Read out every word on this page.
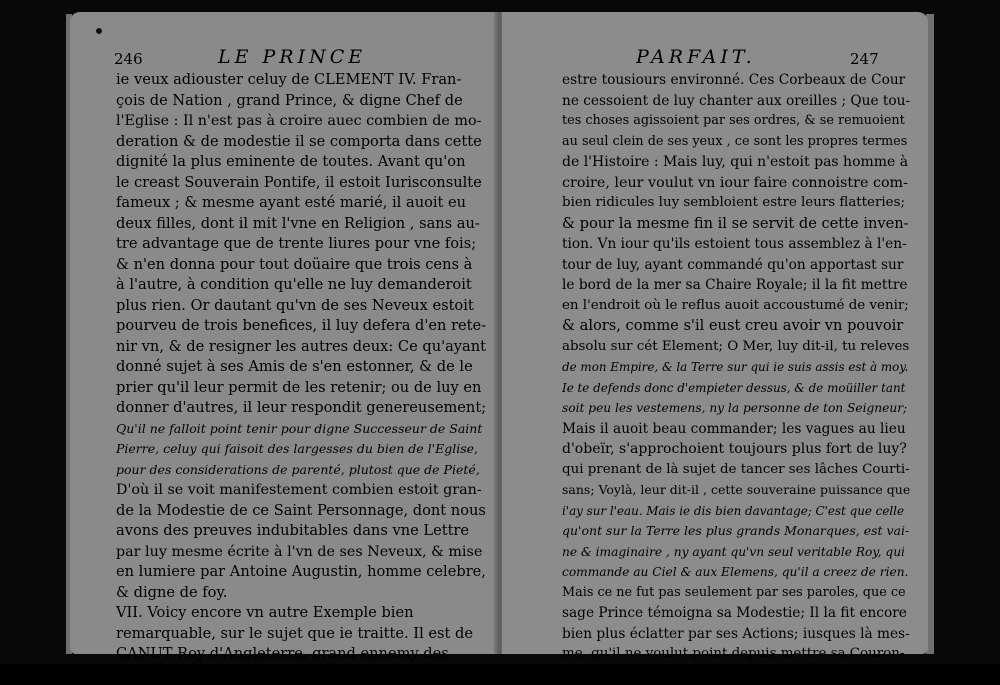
246	LE PRINCE
ie veux adiouster celuy de CLEMENT IV. Fran-
çois de Nation , grand Prince, & digne Chef de
l'Eglise : Il n'est pas à croire auec combien de mo-
deration & de modestie il se comporta dans cette
dignité la plus eminente de toutes. Avant qu'on
le creast Souverain Pontife, il estoit Iurisconsulte
fameux ; & mesme ayant esté marié, il auoit eu
deux filles, dont il mit l'vne en Religion , sans au-
tre advantage que de trente liures pour vne fois;
& n'en donna pour tout doüaire que trois cens à
à l'autre, à condition qu'elle ne luy demanderoit
plus rien. Or dautant qu'vn de ses Neveux estoit
pourveu de trois benefices, il luy defera d'en rete-
nir vn, & de resigner les autres deux: Ce qu'ayant
donné sujet à ses Amis de s'en estonner, & de le
prier qu'il leur permit de les retenir; ou de luy en
donner d'autres, il leur respondit genereusement;
Qu'il ne falloit point tenir pour digne Successeur de Saint
Pierre, celuy qui faisoit des largesses du bien de l'Eglise,
pour des considerations de parenté, plutost que de Pieté,
D'où il se voit manifestement combien estoit gran-
de la Modestie de ce Saint Personnage, dont nous
avons des preuves indubitables dans vne Lettre
par luy mesme écrite à l'vn de ses Neveux, & mise
en lumiere par Antoine Augustin, homme celebre,
& digne de foy.
VII. Voicy encore vn autre Exemple bien
remarquable, sur le sujet que ie traitte. Il est de
CANUT Roy d'Angleterre, grand ennemy des
Flatteurs , & qui ne laissoit pas toutesfois d'en
PARFAIT.	247
estre tousiours environné. Ces Corbeaux de Cour
ne cessoient de luy chanter aux oreilles ; Que tou-
tes choses agissoient par ses ordres, & se remuoient
au seul clein de ses yeux , ce sont les propres termes
de l'Histoire : Mais luy, qui n'estoit pas homme à
croire, leur voulut vn iour faire connoistre com-
bien ridicules luy sembloient estre leurs flatteries;
& pour la mesme fin il se servit de cette inven-
tion. Vn iour qu'ils estoient tous assemblez à l'en-
tour de luy, ayant commandé qu'on apportast sur
le bord de la mer sa Chaire Royale; il la fit mettre
en l'endroit où le reflus auoit accoustumé de venir;
& alors, comme s'il eust creu avoir vn pouvoir
absolu sur cét Element; O Mer, luy dit-il, tu releves
de mon Empire, & la Terre sur qui ie suis assis est à moy.
Ie te defends donc d'empieter dessus, & de moüiller tant
soit peu les vestemens, ny la personne de ton Seigneur;
Mais il auoit beau commander; les vagues au lieu
d'obeïr, s'approchoient toujours plus fort de luy?
qui prenant de là sujet de tancer ses lâches Courti-
sans; Voylà, leur dit-il , cette souveraine puissance que
i'ay sur l'eau. Mais ie dis bien davantage; C'est que celle
qu'ont sur la Terre les plus grands Monarques, est vai-
ne & imaginaire , ny ayant qu'vn seul veritable Roy, qui
commande au Ciel & aux Elemens, qu'il a creez de rien.
Mais ce ne fut pas seulement par ses paroles, que ce
sage Prince témoigna sa Modestie; Il la fit encore
bien plus éclatter par ses Actions; iusques là mes-
me, qu'il ne voulut point depuis mettre sa Couron-
ne sur la teste.
